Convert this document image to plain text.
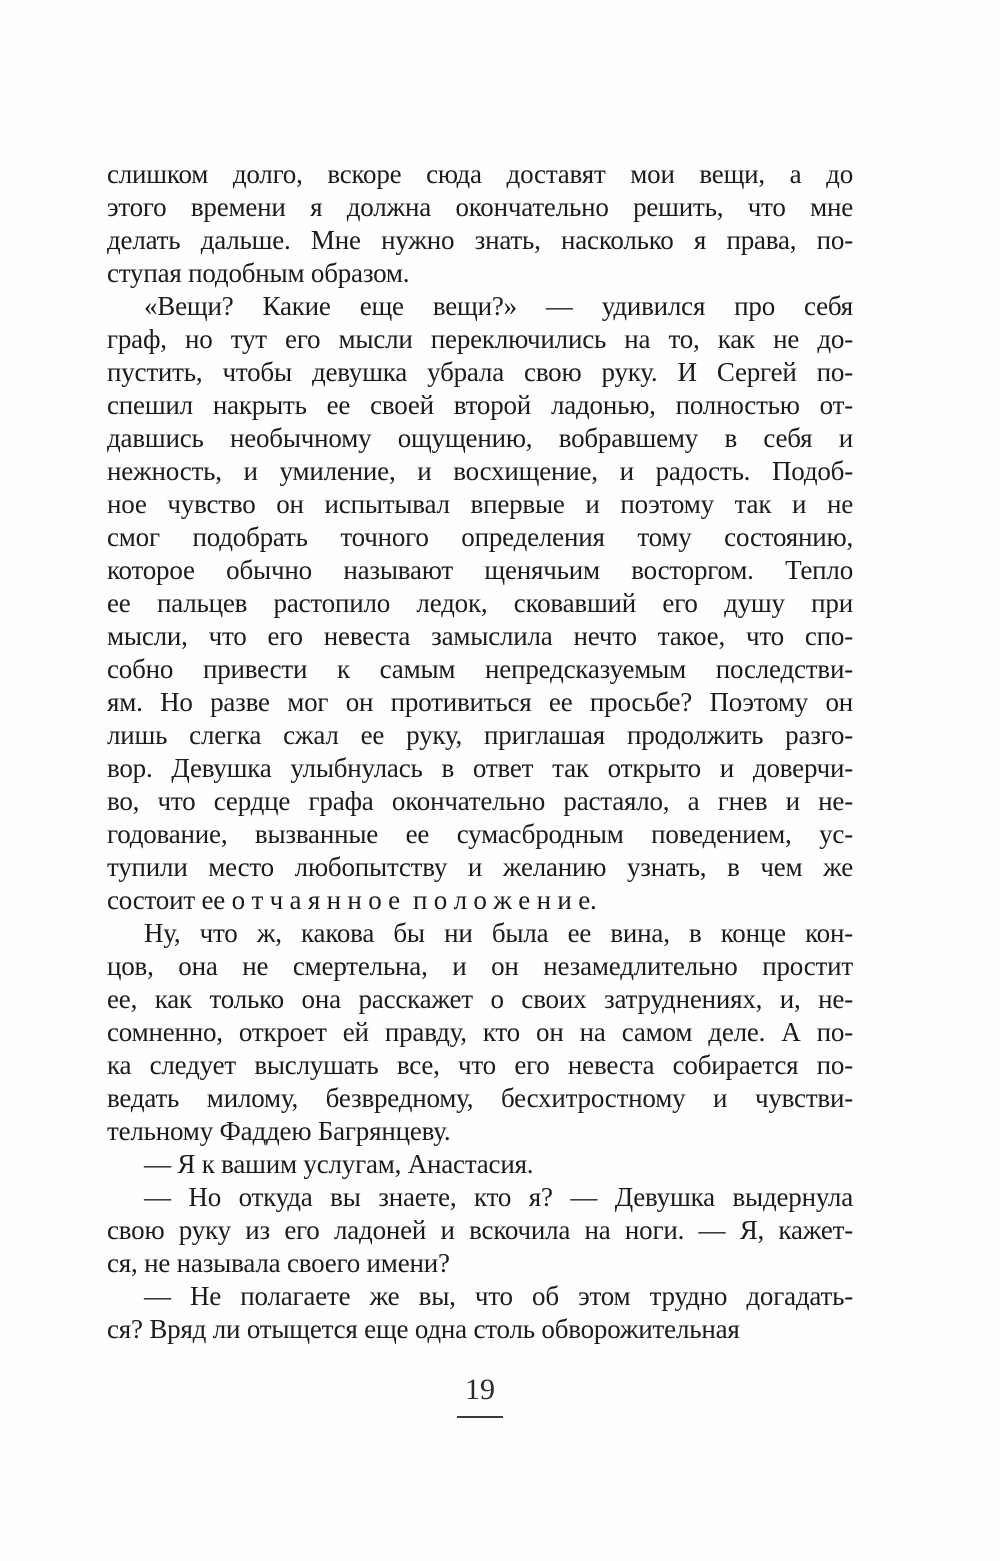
слишком долго, вскоре сюда доставят мои вещи, а до
этого времени я должна окончательно решить, что мне
делать дальше. Мне нужно знать, насколько я права, по-
ступая подобным образом.
«Вещи? Какие еще вещи?» — удивился про себя
граф, но тут его мысли переключились на то, как не до-
пустить, чтобы девушка убрала свою руку. И Сергей по-
спешил накрыть ее своей второй ладонью, полностью от-
давшись необычному ощущению, вобравшему в себя и
нежность, и умиление, и восхищение, и радость. Подоб-
ное чувство он испытывал впервые и поэтому так и не
смог подобрать точного определения тому состоянию,
которое обычно называют щенячьим восторгом. Тепло
ее пальцев растопило ледок, сковавший его душу при
мысли, что его невеста замыслила нечто такое, что спо-
собно привести к самым непредсказуемым последстви-
ям. Но разве мог он противиться ее просьбе? Поэтому он
лишь слегка сжал ее руку, приглашая продолжить разго-
вор. Девушка улыбнулась в ответ так открыто и доверчи-
во, что сердце графа окончательно растаяло, а гнев и не-
годование, вызванные ее сумасбродным поведением, ус-
тупили место любопытству и желанию узнать, в чем же
состоит ее о т ч а я н н о е  п о л о ж е н и е.
Ну, что ж, какова бы ни была ее вина, в конце кон-
цов, она не смертельна, и он незамедлительно простит
ее, как только она расскажет о своих затруднениях, и, не-
сомненно, откроет ей правду, кто он на самом деле. А по-
ка следует выслушать все, что его невеста собирается по-
ведать милому, безвредному, бесхитростному и чувстви-
тельному Фаддею Багрянцеву.
— Я к вашим услугам, Анастасия.
— Но откуда вы знаете, кто я? — Девушка выдернула
свою руку из его ладоней и вскочила на ноги. — Я, кажет-
ся, не называла своего имени?
— Не полагаете же вы, что об этом трудно догадать-
ся? Вряд ли отыщется еще одна столь обворожительная
19
